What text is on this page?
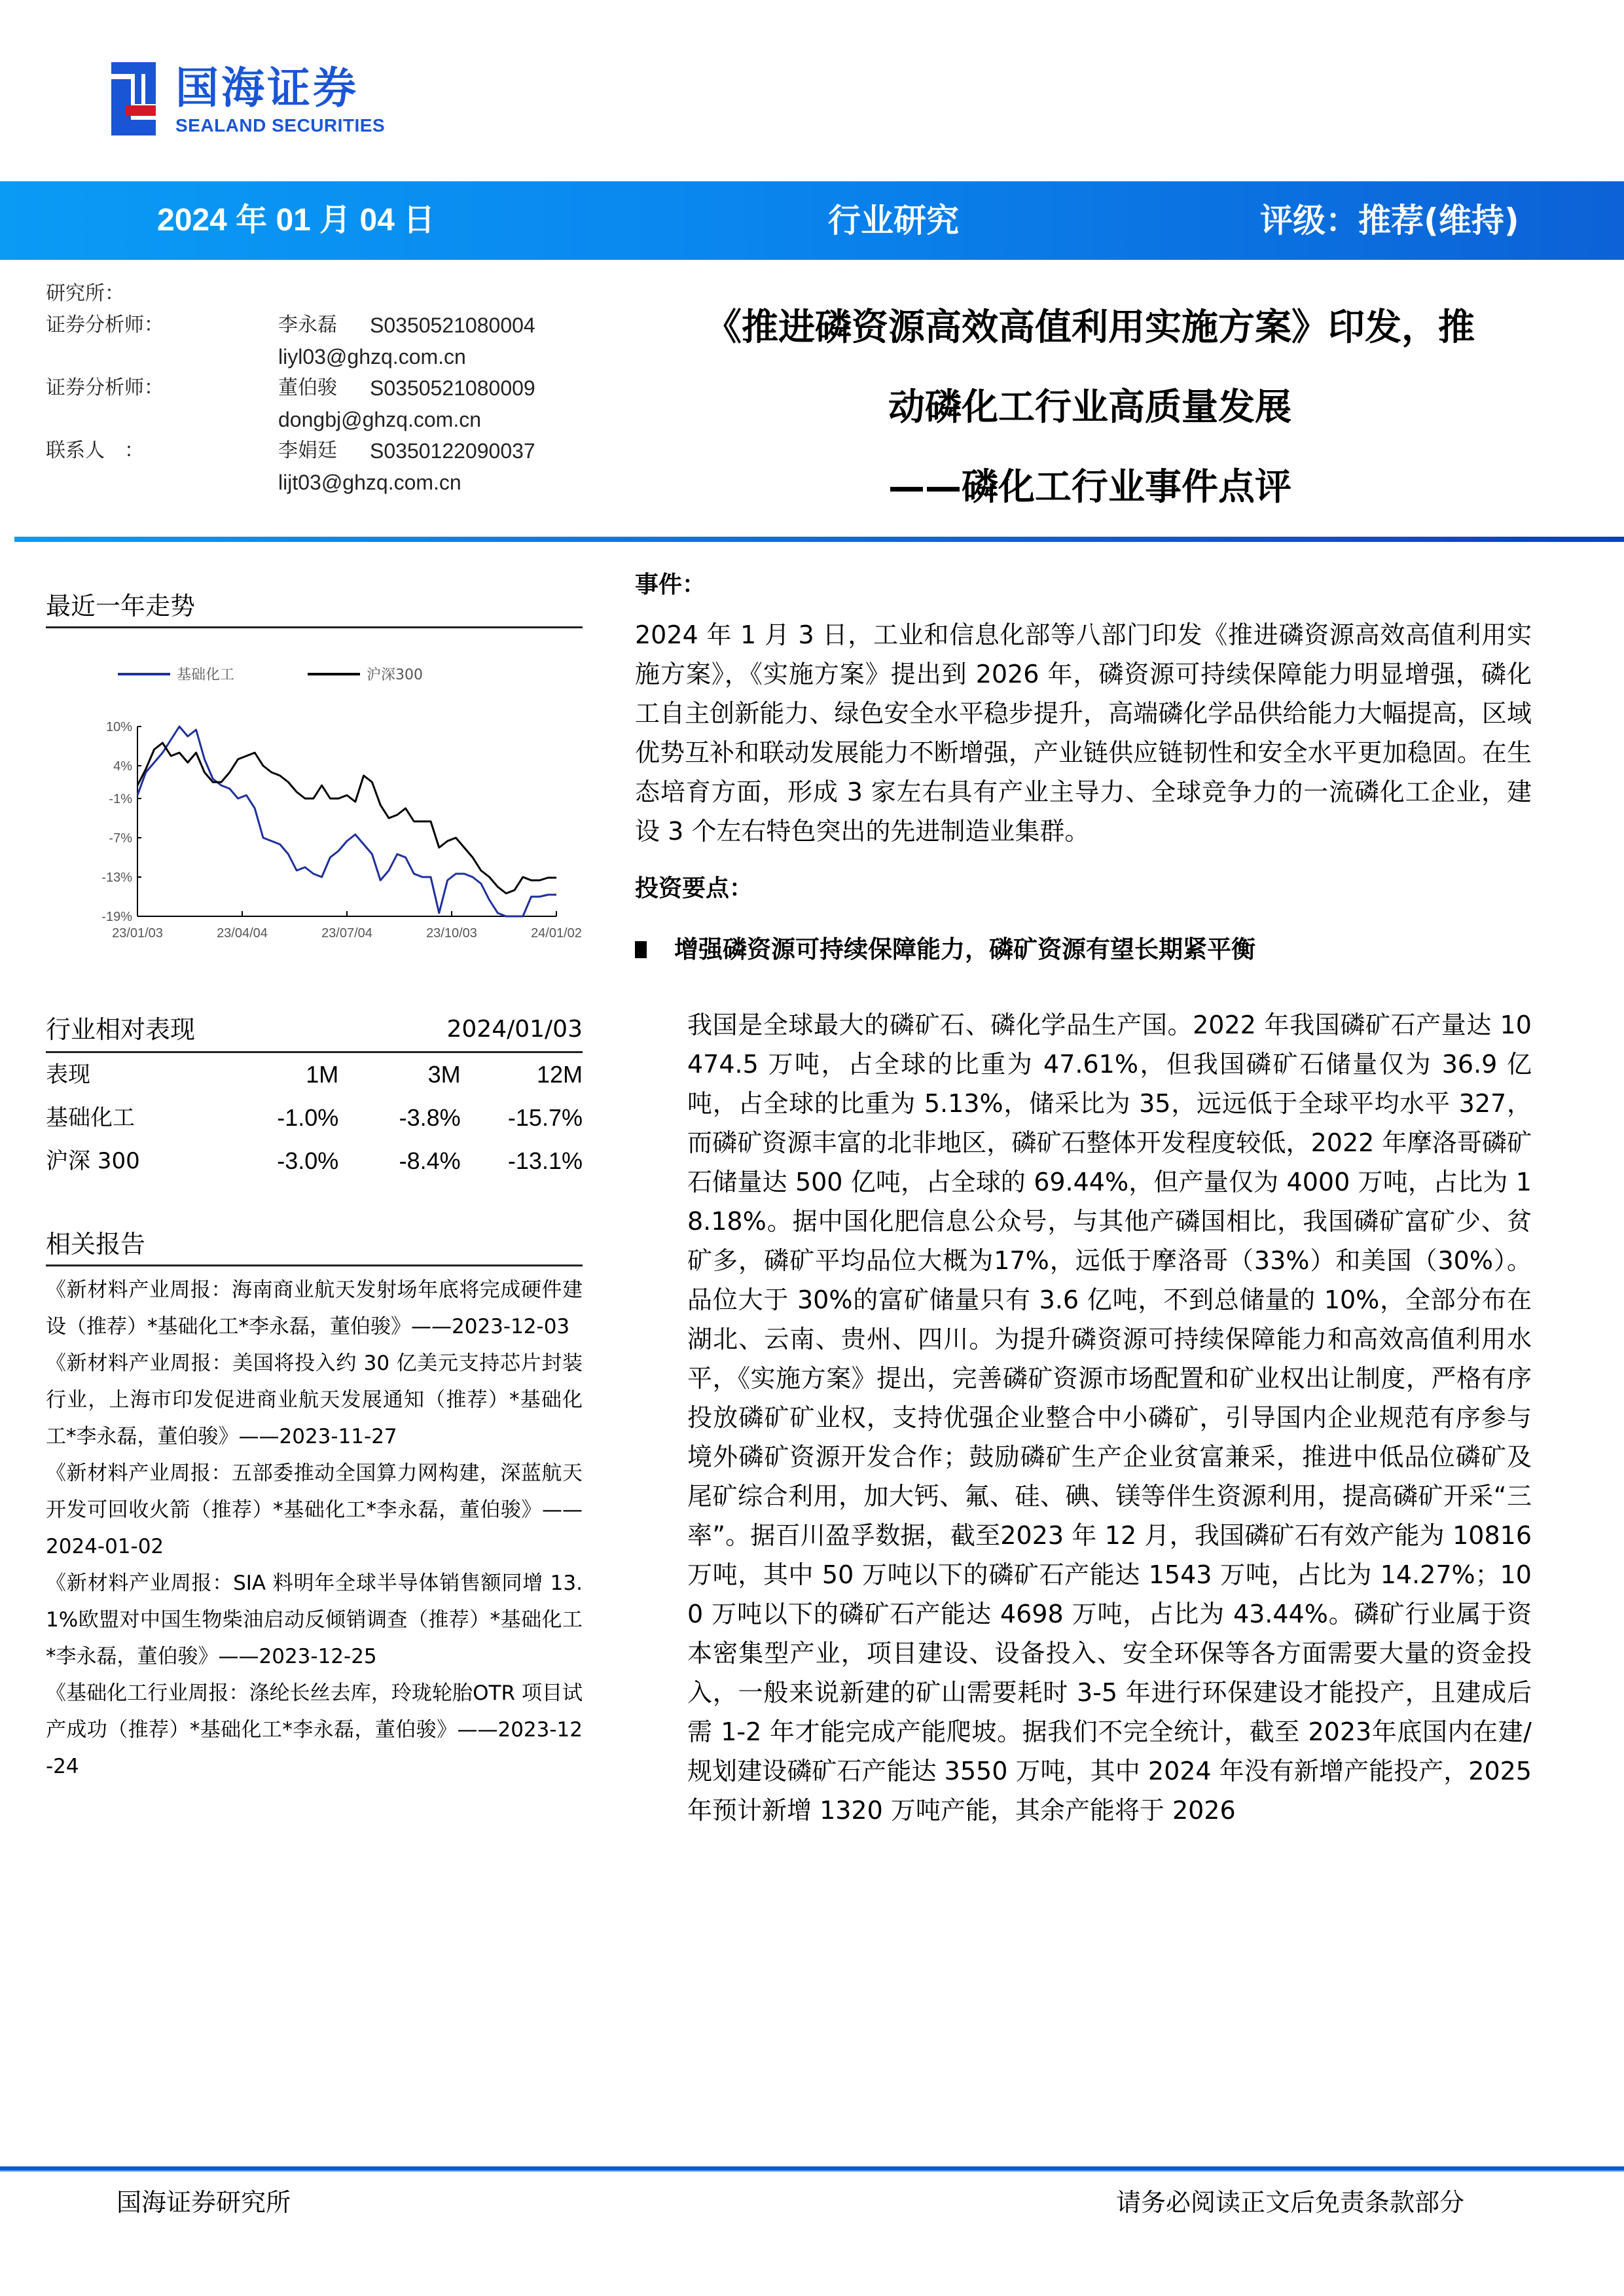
国海证券
SEALAND SECURITIES
2024 年 01 月 04 日	行业研究	评级：推荐(维持)
研究所：
证券分析师：	李永磊	S0350521080004
liyl03@ghzq.com.cn
证券分析师：	董伯骏	S0350521080009
dongbj@ghzq.com.cn
联系人　：	李娟廷	S0350122090037
lijt03@ghzq.com.cn
《推进磷资源高效高值利用实施方案》印发，推
动磷化工行业高质量发展
——磷化工行业事件点评
最近一年走势
基础化工	沪深300
10%
4%
-1%
-7%
-13%
-19%
23/01/03	23/04/04	23/07/04	23/10/03	24/01/02
行业相对表现	2024/01/03
表现	1M	3M	12M
基础化工	-1.0%	-3.8%	-15.7%
沪深 300	-3.0%	-8.4%	-13.1%
相关报告
《新材料产业周报：海南商业航天发射场年底将完成硬件建设（推荐）*基础化工*李永磊，董伯骏》——2023-12-03
《新材料产业周报：美国将投入约 30 亿美元支持芯片封装行业，上海市印发促进商业航天发展通知（推荐）*基础化工*李永磊，董伯骏》——2023-11-27
《新材料产业周报：五部委推动全国算力网构建，深蓝航天开发可回收火箭（推荐）*基础化工*李永磊，董伯骏》——2024-01-02
《新材料产业周报：SIA 料明年全球半导体销售额同增 13.1%欧盟对中国生物柴油启动反倾销调查（推荐）*基础化工*李永磊，董伯骏》——2023-12-25
《基础化工行业周报：涤纶长丝去库，玲珑轮胎OTR 项目试产成功（推荐）*基础化工*李永磊，董伯骏》——2023-12-24
事件：
2024 年 1 月 3 日，工业和信息化部等八部门印发《推进磷资源高效高值利用实施方案》，《实施方案》提出到 2026 年，磷资源可持续保障能力明显增强，磷化工自主创新能力、绿色安全水平稳步提升，高端磷化学品供给能力大幅提高，区域优势互补和联动发展能力不断增强，产业链供应链韧性和安全水平更加稳固。在生态培育方面，形成 3 家左右具有产业主导力、全球竞争力的一流磷化工企业，建设 3 个左右特色突出的先进制造业集群。
投资要点：
增强磷资源可持续保障能力，磷矿资源有望长期紧平衡
我国是全球最大的磷矿石、磷化学品生产国。2022 年我国磷矿石产量达 10474.5 万吨，占全球的比重为 47.61%，但我国磷矿石储量仅为 36.9 亿吨，占全球的比重为 5.13%，储采比为 35，远远低于全球平均水平 327，而磷矿资源丰富的北非地区，磷矿石整体开发程度较低，2022 年摩洛哥磷矿石储量达 500 亿吨，占全球的 69.44%，但产量仅为 4000 万吨，占比为 18.18%。据中国化肥信息公众号，与其他产磷国相比，我国磷矿富矿少、贫矿多，磷矿平均品位大概为17%，远低于摩洛哥（33%）和美国（30%）。品位大于 30%的富矿储量只有 3.6 亿吨，不到总储量的 10%，全部分布在湖北、云南、贵州、四川。为提升磷资源可持续保障能力和高效高值利用水平，《实施方案》提出，完善磷矿资源市场配置和矿业权出让制度，严格有序投放磷矿矿业权，支持优强企业整合中小磷矿，引导国内企业规范有序参与境外磷矿资源开发合作；鼓励磷矿生产企业贫富兼采，推进中低品位磷矿及尾矿综合利用，加大钙、氟、硅、碘、镁等伴生资源利用，提高磷矿开采“三率”。据百川盈孚数据，截至2023 年 12 月，我国磷矿石有效产能为 10816 万吨，其中 50 万吨以下的磷矿石产能达 1543 万吨，占比为 14.27%；100 万吨以下的磷矿石产能达 4698 万吨，占比为 43.44%。磷矿行业属于资本密集型产业，项目建设、设备投入、安全环保等各方面需要大量的资金投入，一般来说新建的矿山需要耗时 3-5 年进行环保建设才能投产，且建成后需 1-2 年才能完成产能爬坡。据我们不完全统计，截至 2023年底国内在建/规划建设磷矿石产能达 3550 万吨，其中 2024 年没有新增产能投产，2025 年预计新增 1320 万吨产能，其余产能将于 2026
国海证券研究所	请务必阅读正文后免责条款部分
